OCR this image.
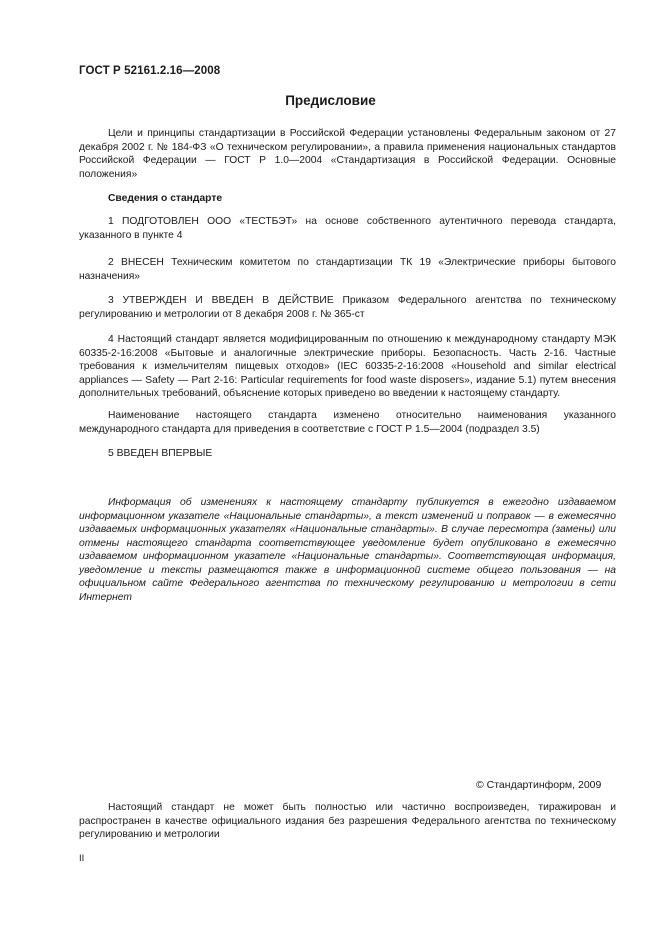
ГОСТ Р 52161.2.16—2008
Предисловие
Цели и принципы стандартизации в Российской Федерации установлены Федеральным законом от 27 декабря 2002 г. № 184-ФЗ «О техническом регулировании», а правила применения национальных стандартов Российской Федерации — ГОСТ Р 1.0—2004 «Стандартизация в Российской Федерации. Основные положения»
Сведения о стандарте
1 ПОДГОТОВЛЕН ООО «ТЕСТБЭТ» на основе собственного аутентичного перевода стандарта, указанного в пункте 4
2 ВНЕСЕН Техническим комитетом по стандартизации ТК 19 «Электрические приборы бытового назначения»
3 УТВЕРЖДЕН И ВВЕДЕН В ДЕЙСТВИЕ Приказом Федерального агентства по техническому регулированию и метрологии от 8 декабря 2008 г. № 365-ст
4 Настоящий стандарт является модифицированным по отношению к международному стандарту МЭК 60335-2-16:2008 «Бытовые и аналогичные электрические приборы. Безопасность. Часть 2-16. Частные требования к измельчителям пищевых отходов» (IEC 60335-2-16:2008 «Household and similar electrical appliances — Safety — Part 2-16: Particular requirements for food waste disposers», издание 5.1) путем внесения дополнительных требований, объяснение которых приведено во введении к настоящему стандарту.
Наименование настоящего стандарта изменено относительно наименования указанного международного стандарта для приведения в соответствие с ГОСТ Р 1.5—2004 (подраздел 3.5)
5 ВВЕДЕН ВПЕРВЫЕ
Информация об изменениях к настоящему стандарту публикуется в ежегодно издаваемом информационном указателе «Национальные стандарты», а текст изменений и поправок — в ежемесячно издаваемых информационных указателях «Национальные стандарты». В случае пересмотра (замены) или отмены настоящего стандарта соответствующее уведомление будет опубликовано в ежемесячно издаваемом информационном указателе «Национальные стандарты». Соответствующая информация, уведомление и тексты размещаются также в информационной системе общего пользования — на официальном сайте Федерального агентства по техническому регулированию и метрологии в сети Интернет
© Стандартинформ, 2009
Настоящий стандарт не может быть полностью или частично воспроизведен, тиражирован и распространен в качестве официального издания без разрешения Федерального агентства по техническому регулированию и метрологии
II
